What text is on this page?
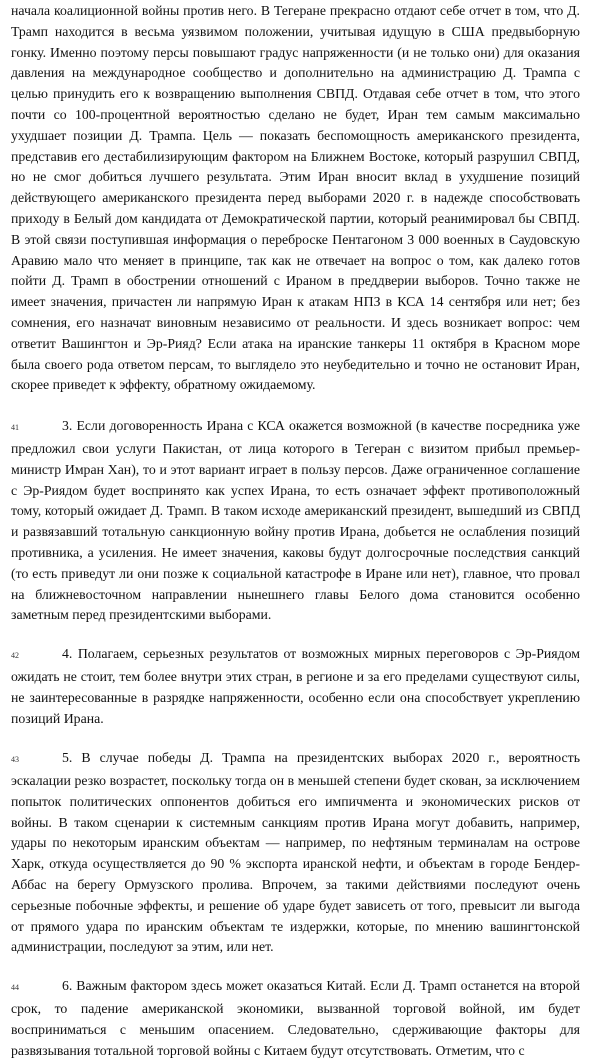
начала коалиционной войны против него. В Тегеране прекрасно отдают себе отчет в том, что Д. Трамп находится в весьма уязвимом положении, учитывая идущую в США предвыборную гонку. Именно поэтому персы повышают градус напряженности (и не только они) для оказания давления на международное сообщество и дополнительно на администрацию Д. Трампа с целью принудить его к возвращению выполнения СВПД. Отдавая себе отчет в том, что этого почти со 100-процентной вероятностью сделано не будет, Иран тем самым максимально ухудшает позиции Д. Трампа. Цель — показать беспомощность американского президента, представив его дестабилизирующим фактором на Ближнем Востоке, который разрушил СВПД, но не смог добиться лучшего результата. Этим Иран вносит вклад в ухудшение позиций действующего американского президента перед выборами 2020 г. в надежде способствовать приходу в Белый дом кандидата от Демократической партии, который реанимировал бы СВПД. В этой связи поступившая информация о переброске Пентагоном 3 000 военных в Саудовскую Аравию мало что меняет в принципе, так как не отвечает на вопрос о том, как далеко готов пойти Д. Трамп в обострении отношений с Ираном в преддверии выборов. Точно также не имеет значения, причастен ли напрямую Иран к атакам НПЗ в КСА 14 сентября или нет; без сомнения, его назначат виновным независимо от реальности. И здесь возникает вопрос: чем ответит Вашингтон и Эр-Рияд? Если атака на иранские танкеры 11 октября в Красном море была своего рода ответом персам, то выглядело это неубедительно и точно не остановит Иран, скорее приведет к эффекту, обратному ожидаемому.

41	3. Если договоренность Ирана с КСА окажется возможной (в качестве посредника уже предложил свои услуги Пакистан, от лица которого в Тегеран с визитом прибыл премьер-министр Имран Хан), то и этот вариант играет в пользу персов. Даже ограниченное соглашение с Эр-Риядом будет воспринято как успех Ирана, то есть означает эффект противоположный тому, который ожидает Д. Трамп. В таком исходе американский президент, вышедший из СВПД и развязавший тотальную санкционную войну против Ирана, добьется не ослабления позиций противника, а усиления. Не имеет значения, каковы будут долгосрочные последствия санкций (то есть приведут ли они позже к социальной катастрофе в Иране или нет), главное, что провал на ближневосточном направлении нынешнего главы Белого дома становится особенно заметным перед президентскими выборами.

42	4. Полагаем, серьезных результатов от возможных мирных переговоров с Эр-Риядом ожидать не стоит, тем более внутри этих стран, в регионе и за его пределами существуют силы, не заинтересованные в разрядке напряженности, особенно если она способствует укреплению позиций Ирана.

43	5. В случае победы Д. Трампа на президентских выборах 2020 г., вероятность эскалации резко возрастет, поскольку тогда он в меньшей степени будет скован, за исключением попыток политических оппонентов добиться его импичмента и экономических рисков от войны. В таком сценарии к системным санкциям против Ирана могут добавить, например, удары по некоторым иранским объектам — например, по нефтяным терминалам на острове Харк, откуда осуществляется до 90 % экспорта иранской нефти, и объектам в городе Бендер-Аббас на берегу Ормузского пролива. Впрочем, за такими действиями последуют очень серьезные побочные эффекты, и решение об ударе будет зависеть от того, превысит ли выгода от прямого удара по иранским объектам те издержки, которые, по мнению вашингтонской администрации, последуют за этим, или нет.

44	6. Важным фактором здесь может оказаться Китай. Если Д. Трамп останется на второй срок, то падение американской экономики, вызванной торговой войной, им будет восприниматься с меньшим опасением. Следовательно, сдерживающие факторы для развязывания тотальной торговой войны с Китаем будут отсутствовать. Отметим, что с
